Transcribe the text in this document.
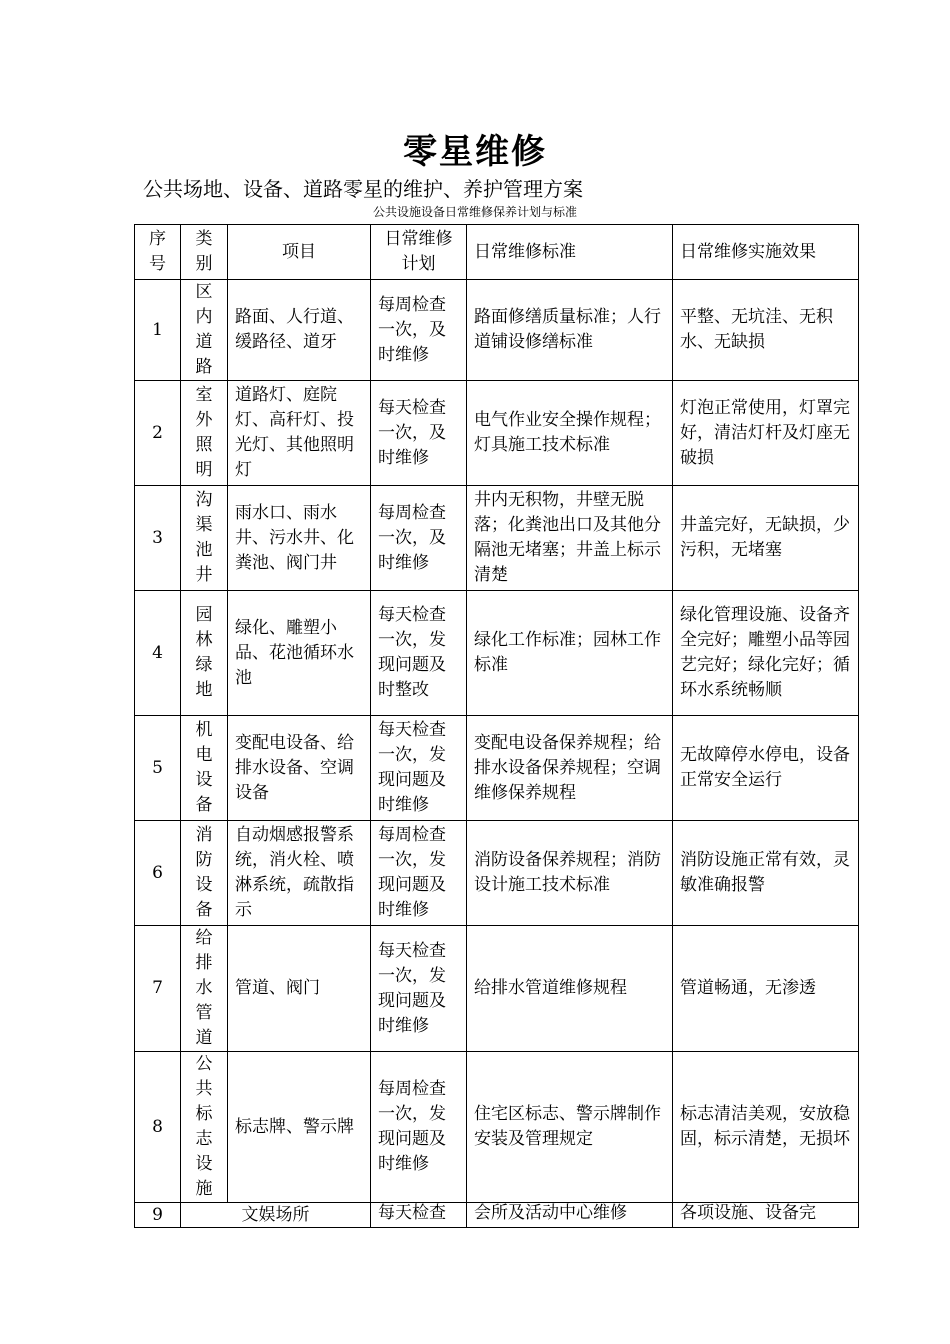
零星维修

公共场地、设备、道路零星的维护、养护管理方案

公共设施设备日常维修保养计划与标准

序号	类别	项目	日常维修计划	日常维修标准	日常维修实施效果
1	区内道路	路面、人行道、缓路径、道牙	每周检查一次，及时维修	路面修缮质量标准；人行道铺设修缮标准	平整、无坑洼、无积水、无缺损
2	室外照明	道路灯、庭院灯、高秆灯、投光灯、其他照明灯	每天检查一次，及时维修	电气作业安全操作规程；灯具施工技术标准	灯泡正常使用，灯罩完好，清洁灯杆及灯座无破损
3	沟渠池井	雨水口、雨水井、污水井、化粪池、阀门井	每周检查一次，及时维修	井内无积物，井壁无脱落；化粪池出口及其他分隔池无堵塞；井盖上标示清楚	井盖完好，无缺损，少污积，无堵塞
4	园林绿地	绿化、雕塑小品、花池循环水池	每天检查一次，发现问题及时整改	绿化工作标准；园林工作标准	绿化管理设施、设备齐全完好；雕塑小品等园艺完好；绿化完好；循环水系统畅顺
5	机电设备	变配电设备、给排水设备、空调设备	每天检查一次，发现问题及时维修	变配电设备保养规程；给排水设备保养规程；空调维修保养规程	无故障停水停电，设备正常安全运行
6	消防设备	自动烟感报警系统，消火栓、喷淋系统，疏散指示	每周检查一次，发现问题及时维修	消防设备保养规程；消防设计施工技术标准	消防设施正常有效，灵敏准确报警
7	给排水管道	管道、阀门	每天检查一次，发现问题及时维修	给排水管道维修规程	管道畅通，无渗透
8	公共标志设施	标志牌、警示牌	每周检查一次，发现问题及时维修	住宅区标志、警示牌制作安装及管理规定	标志清洁美观，安放稳固，标示清楚，无损坏
9	文娱场所		每天检查	会所及活动中心维修	各项设施、设备完
